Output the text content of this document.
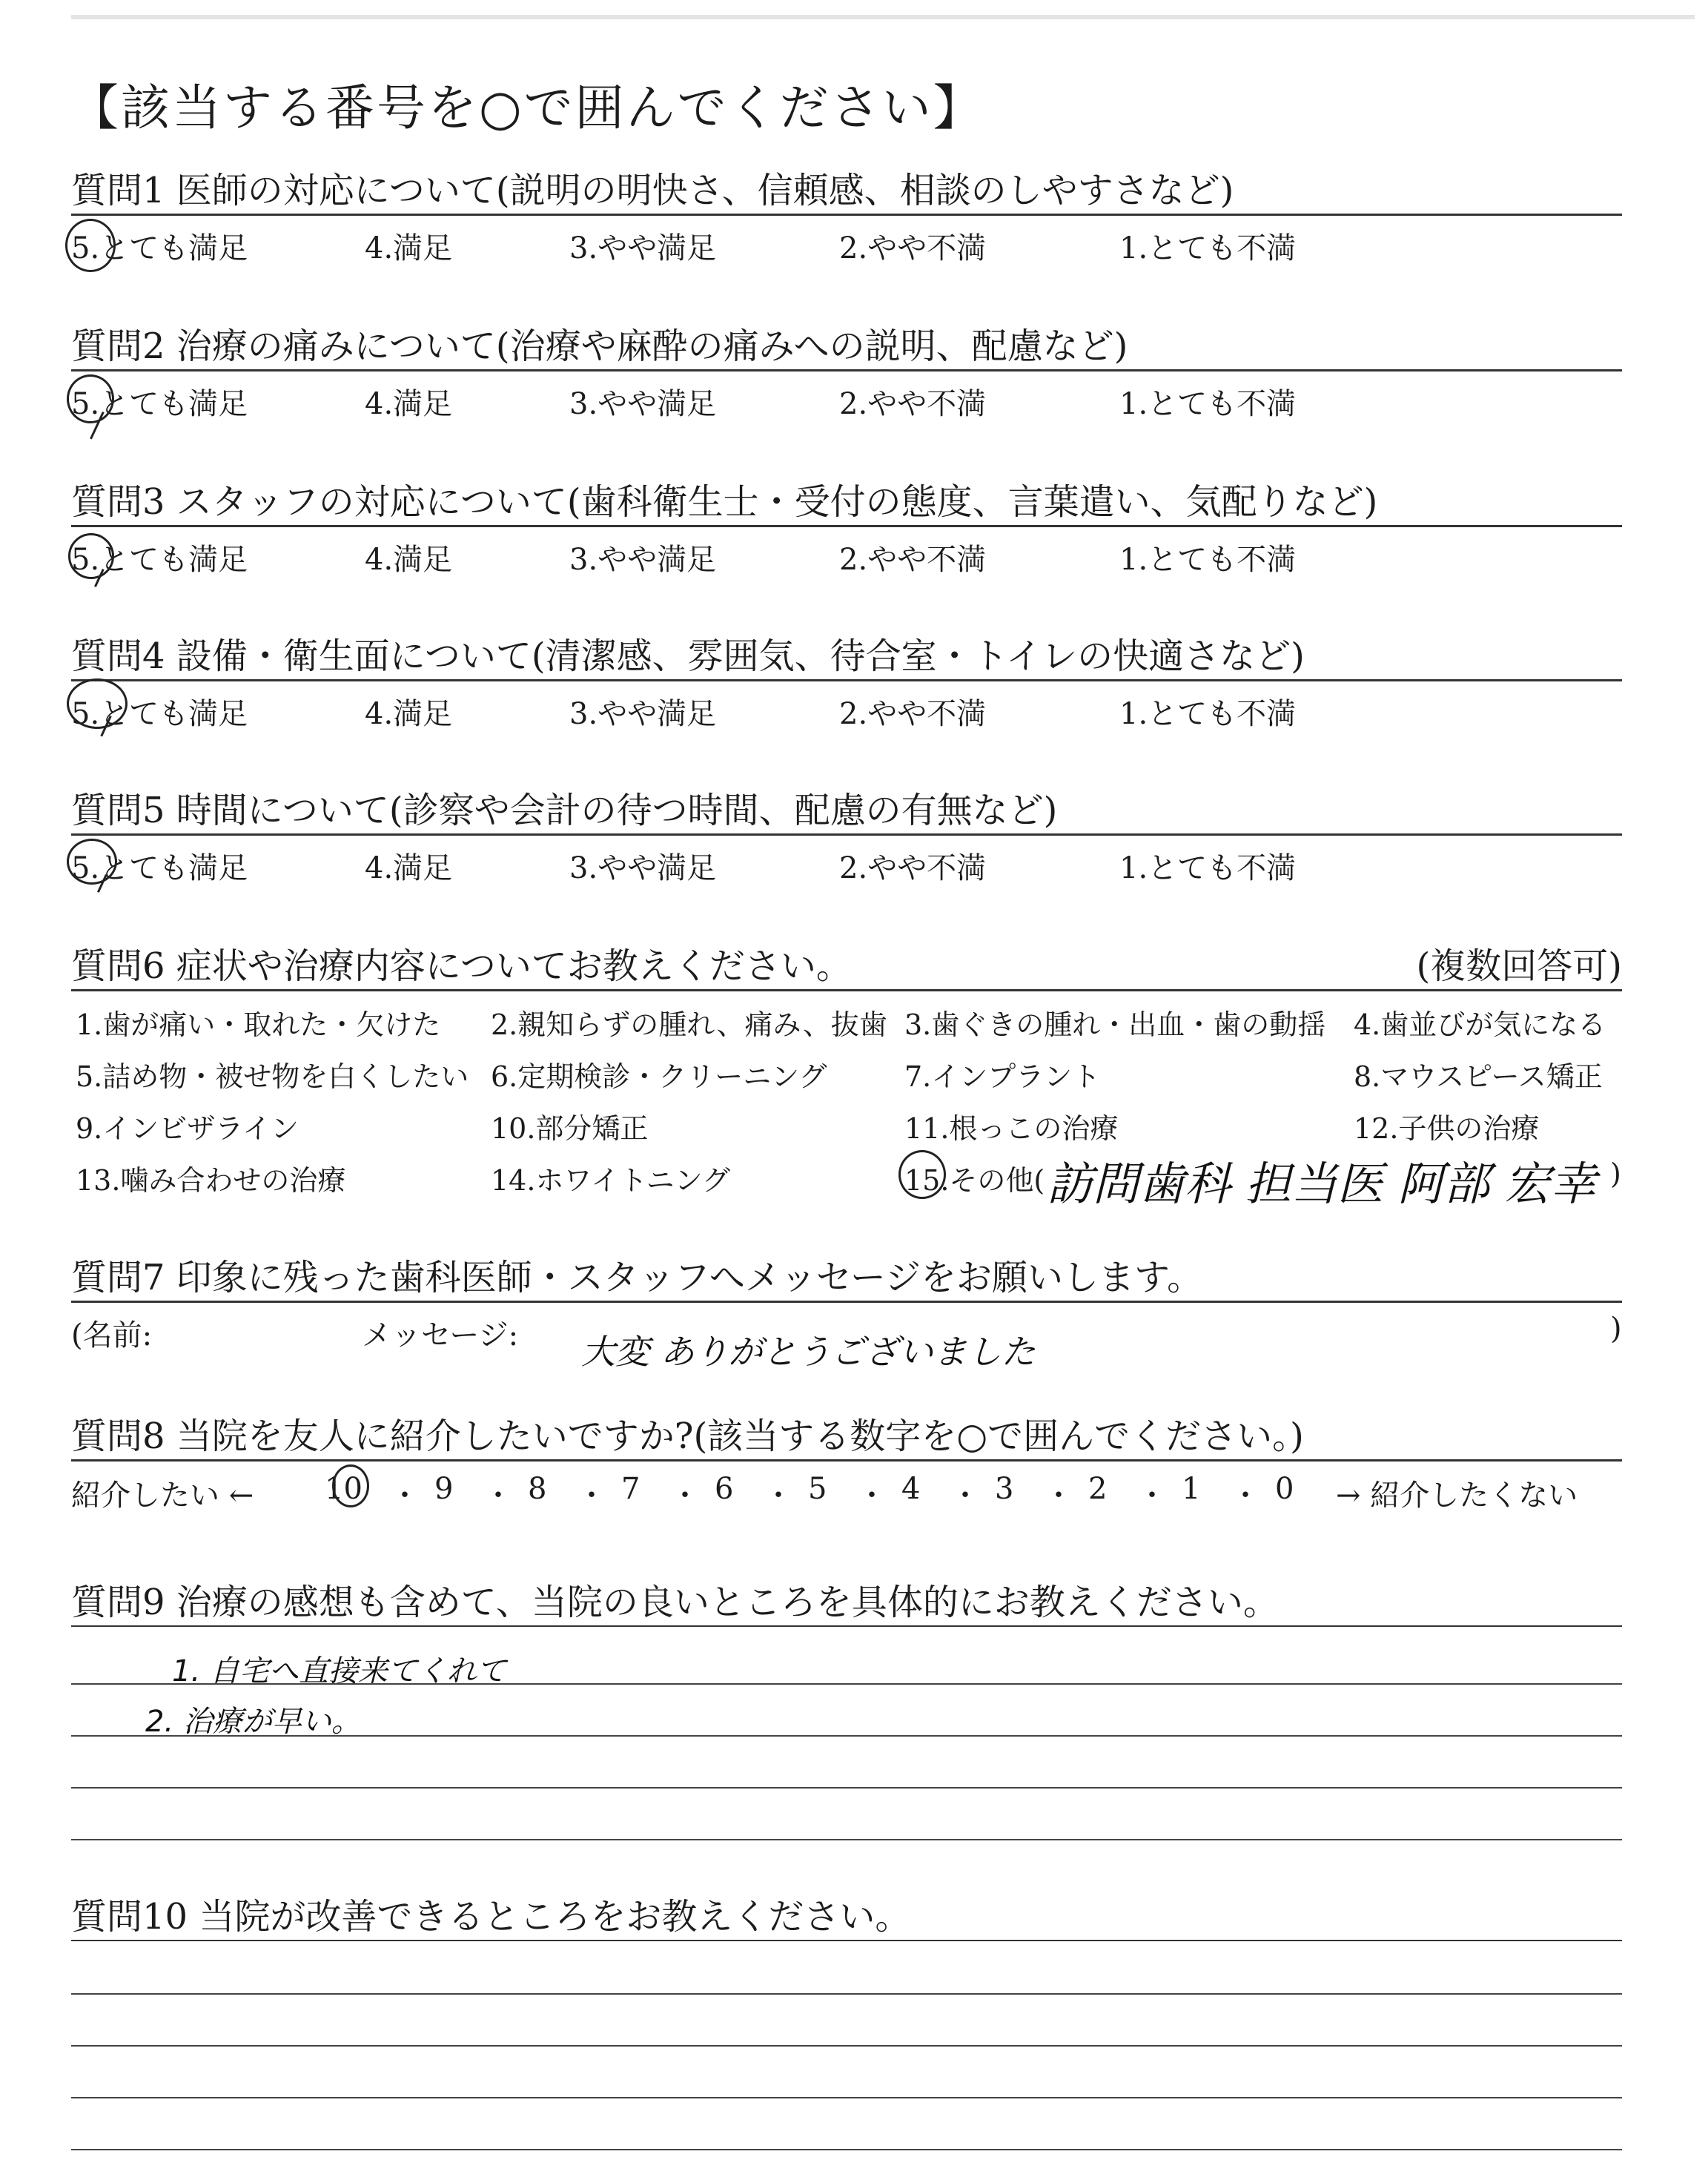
【該当する番号を○で囲んでください】
質問1 医師の対応について(説明の明快さ、信頼感、相談のしやすさなど)
5.とても満足	4.満足	3.やや満足	2.やや不満	1.とても不満
質問2 治療の痛みについて(治療や麻酔の痛みへの説明、配慮など)
5.とても満足	4.満足	3.やや満足	2.やや不満	1.とても不満
質問3 スタッフの対応について(歯科衛生士・受付の態度、言葉遣い、気配りなど)
5.とても満足	4.満足	3.やや満足	2.やや不満	1.とても不満
質問4 設備・衛生面について(清潔感、雰囲気、待合室・トイレの快適さなど)
5.とても満足	4.満足	3.やや満足	2.やや不満	1.とても不満
質問5 時間について(診察や会計の待つ時間、配慮の有無など)
5.とても満足	4.満足	3.やや満足	2.やや不満	1.とても不満
質問6 症状や治療内容についてお教えください。	(複数回答可)
1.歯が痛い・取れた・欠けた 2.親知らずの腫れ、痛み、抜歯 3.歯ぐきの腫れ・出血・歯の動揺 4.歯並びが気になる
5.詰め物・被せ物を白くしたい 6.定期検診・クリーニング	7.インプラント	8.マウスピース矯正
9.インビザライン	10.部分矯正	11.根っこの治療	12.子供の治療
13.噛み合わせの治療	14.ホワイトニング	15.その他( 訪問歯科 担当医 阿部 宏幸 )
質問7 印象に残った歯科医師・スタッフへメッセージをお願いします。
(名前:	メッセージ: 大変 ありがとうございました
)
質問8 当院を友人に紹介したいですか?(該当する数字を○で囲んでください。)
紹介したい ← 10 ・ 9 ・ 8 ・ 7 ・ 6 ・ 5 ・ 4 ・ 3 ・ 2 ・ 1 ・ 0 → 紹介したくない
質問9 治療の感想も含めて、当院の良いところを具体的にお教えください。
1. 自宅へ直接来てくれて
2. 治療が早い。
質問10 当院が改善できるところをお教えください。
